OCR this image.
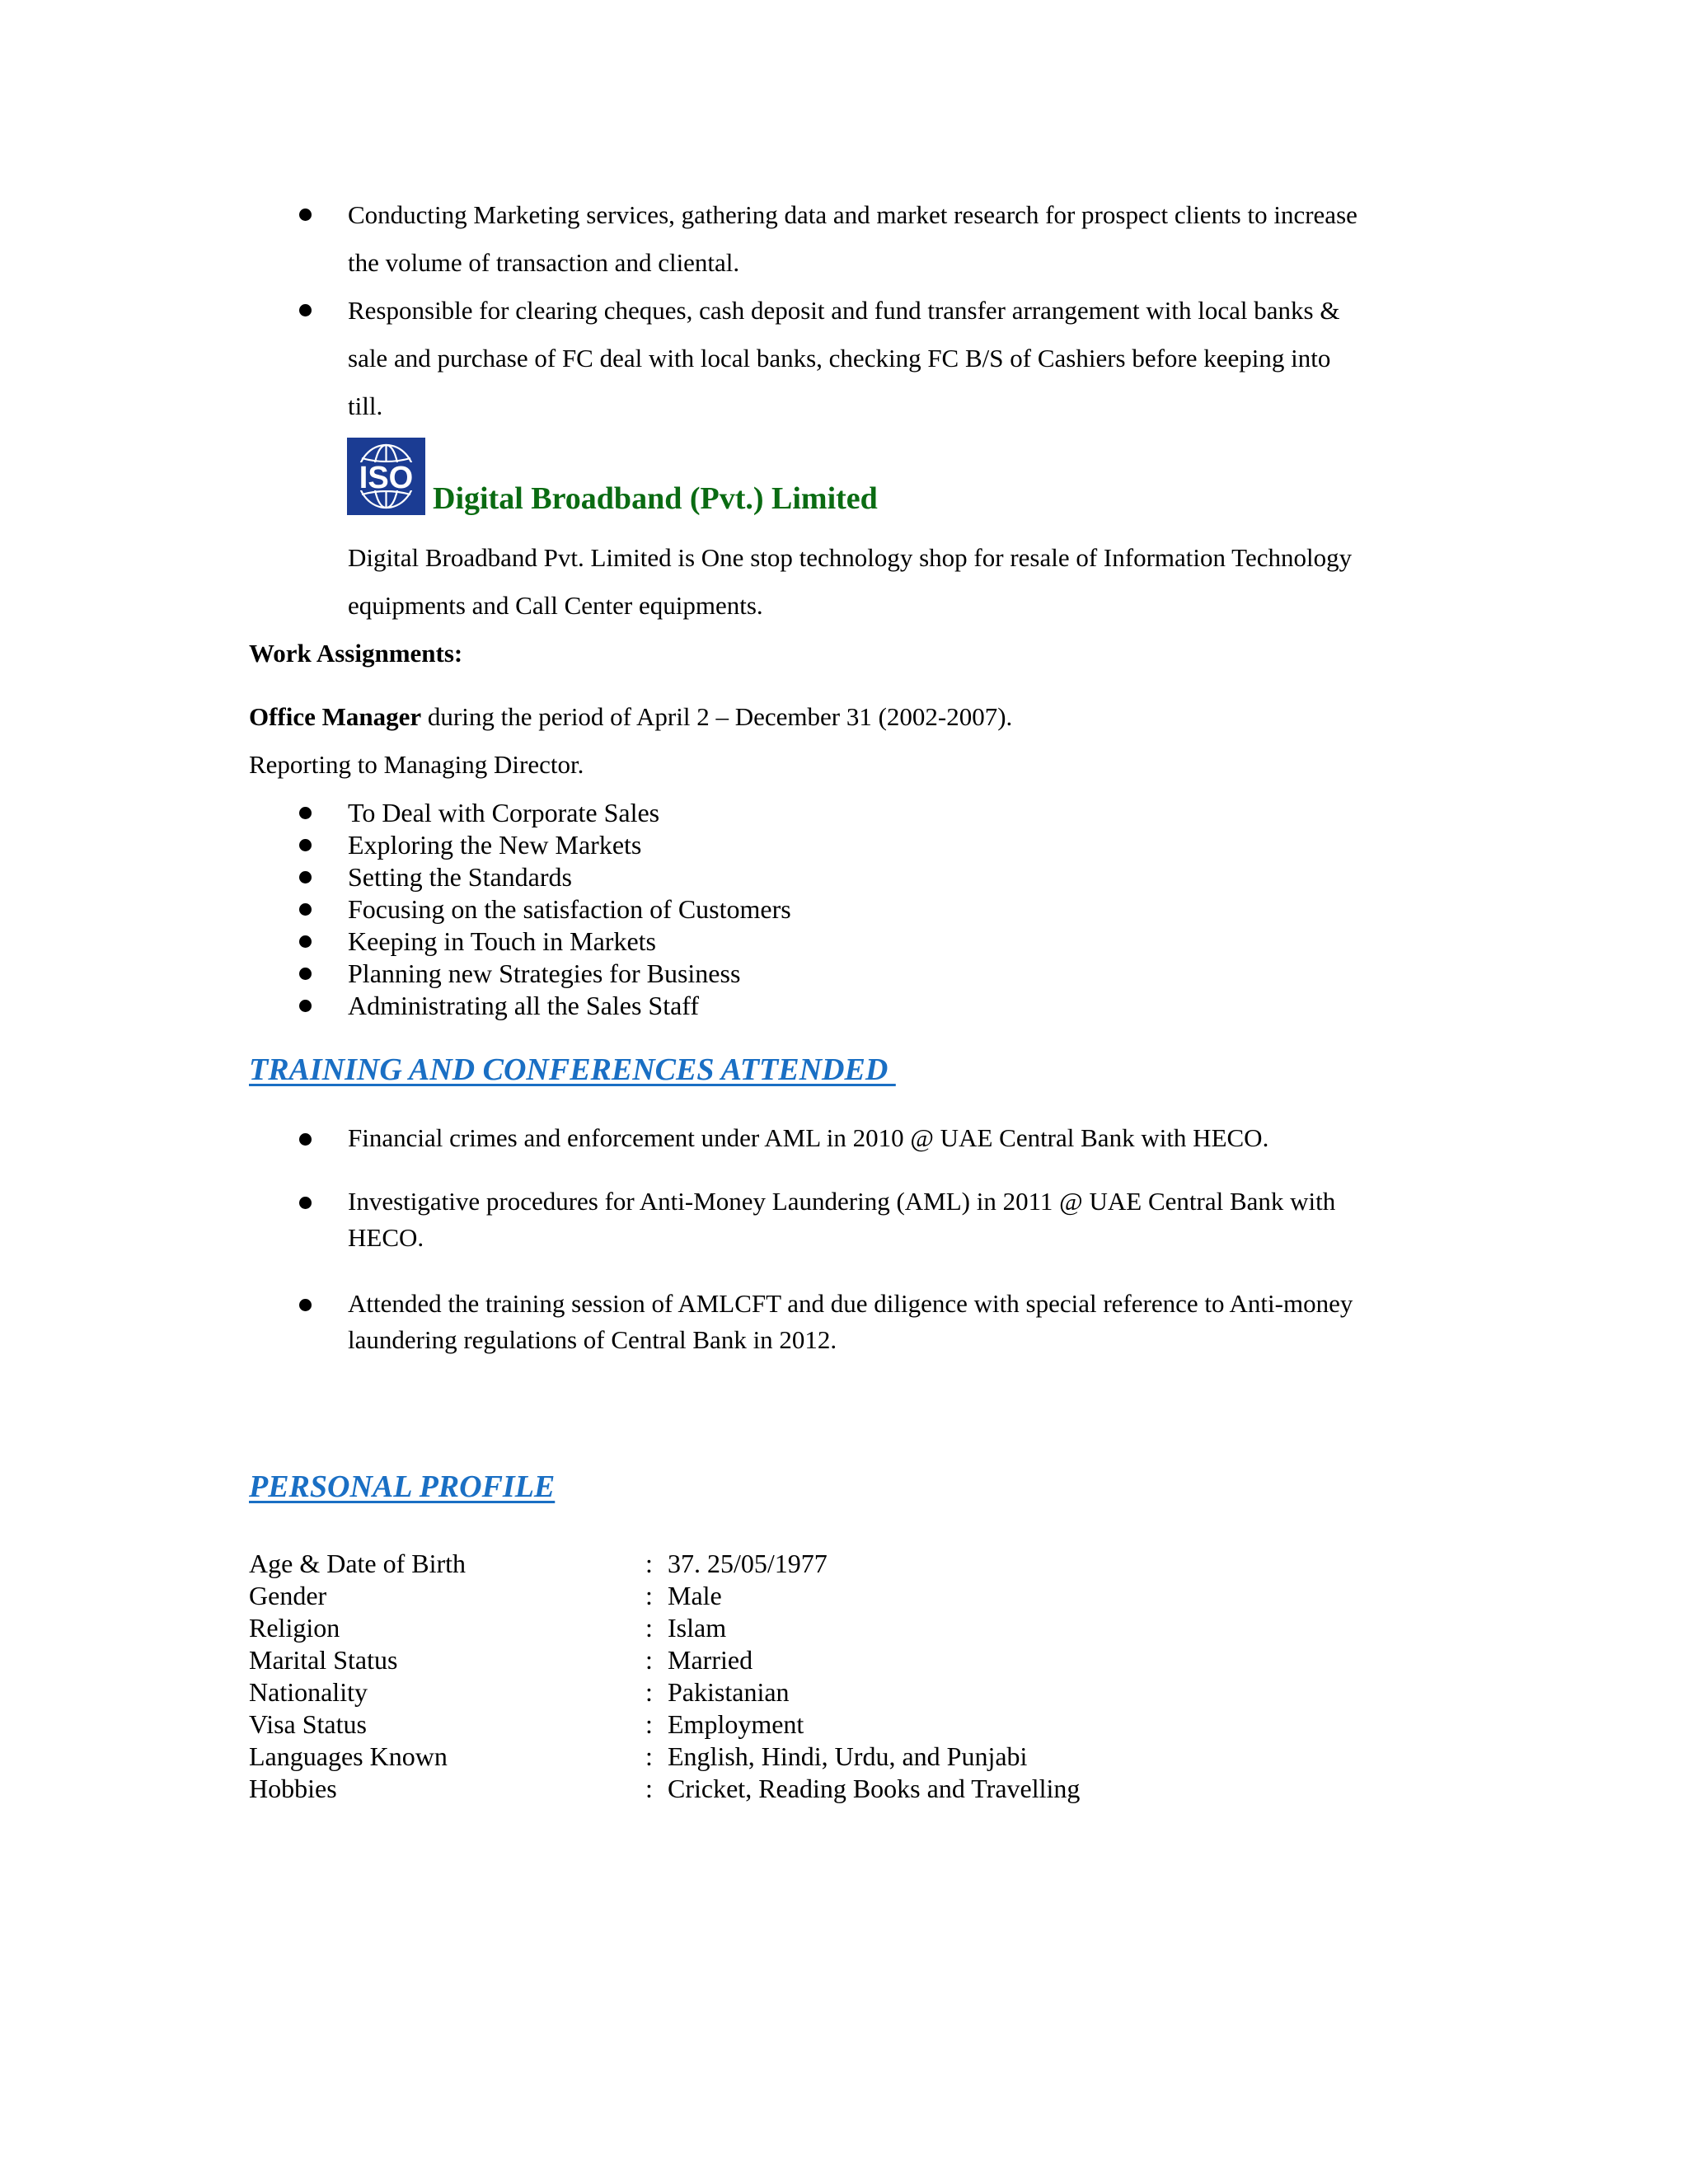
Conducting Marketing services, gathering data and market research for prospect clients to increase
the volume of transaction and cliental.
Responsible for clearing cheques, cash deposit and fund transfer arrangement with local banks &
sale and purchase of FC deal with local banks, checking FC B/S of Cashiers before keeping into
till.
ISO
Digital Broadband (Pvt.) Limited
Digital Broadband Pvt. Limited is One stop technology shop for resale of Information Technology
equipments and Call Center equipments.
Work Assignments:
Office Manager during the period of April 2 – December 31 (2002-2007).
Reporting to Managing Director.
To Deal with Corporate Sales
Exploring the New Markets
Setting the Standards
Focusing on the satisfaction of Customers
Keeping in Touch in Markets
Planning new Strategies for Business
Administrating all the Sales Staff
TRAINING AND CONFERENCES ATTENDED
Financial crimes and enforcement under AML in 2010 @ UAE Central Bank with HECO.
Investigative procedures for Anti-Money Laundering (AML) in 2011 @ UAE Central Bank with
HECO.
Attended the training session of AMLCFT and due diligence with special reference to Anti-money
laundering regulations of Central Bank in 2012.
PERSONAL PROFILE
Age & Date of Birth	: 37. 25/05/1977
Gender	: Male
Religion	: Islam
Marital Status	: Married
Nationality	: Pakistanian
Visa Status	: Employment
Languages Known	: English, Hindi, Urdu, and Punjabi
Hobbies	: Cricket, Reading Books and Travelling
